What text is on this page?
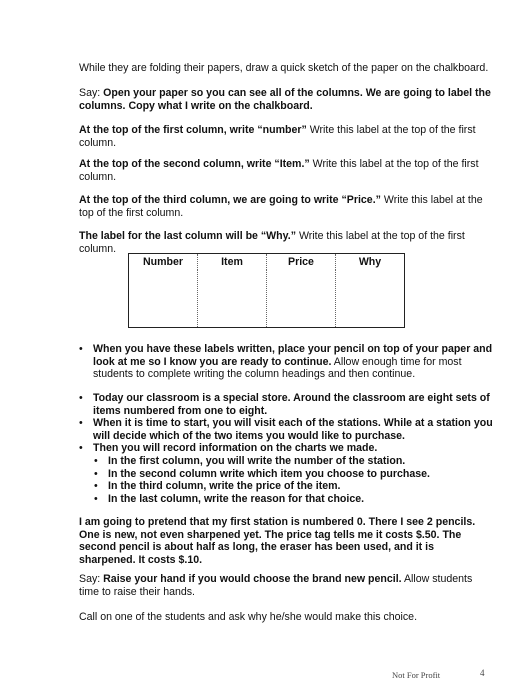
While they are folding their papers, draw a quick sketch of the paper on the chalkboard.

Say: Open your paper so you can see all of the columns. We are going to label the columns. Copy what I write on the chalkboard.

At the top of the first column, write “number” Write this label at the top of the first column.

At the top of the second column, write “Item.” Write this label at the top of the first column.

At the top of the third column, we are going to write “Price.” Write this label at the top of the first column.

The label for the last column will be “Why.” Write this label at the top of the first column.

Number	Item	Price	Why

• When you have these labels written, place your pencil on top of your paper and look at me so I know you are ready to continue. Allow enough time for most students to complete writing the column headings and then continue.
• Today our classroom is a special store. Around the classroom are eight sets of items numbered from one to eight.
• When it is time to start, you will visit each of the stations. While at a station you will decide which of the two items you would like to purchase.
• Then you will record information on the charts we made.
• In the first column, you will write the number of the station.
• In the second column write which item you choose to purchase.
• In the third column, write the price of the item.
• In the last column, write the reason for that choice.

I am going to pretend that my first station is numbered 0. There I see 2 pencils. One is new, not even sharpened yet. The price tag tells me it costs $.50. The second pencil is about half as long, the eraser has been used, and it is sharpened. It costs $.10.

Say: Raise your hand if you would choose the brand new pencil. Allow students time to raise their hands.

Call on one of the students and ask why he/she would make this choice.

Not For Profit	4
